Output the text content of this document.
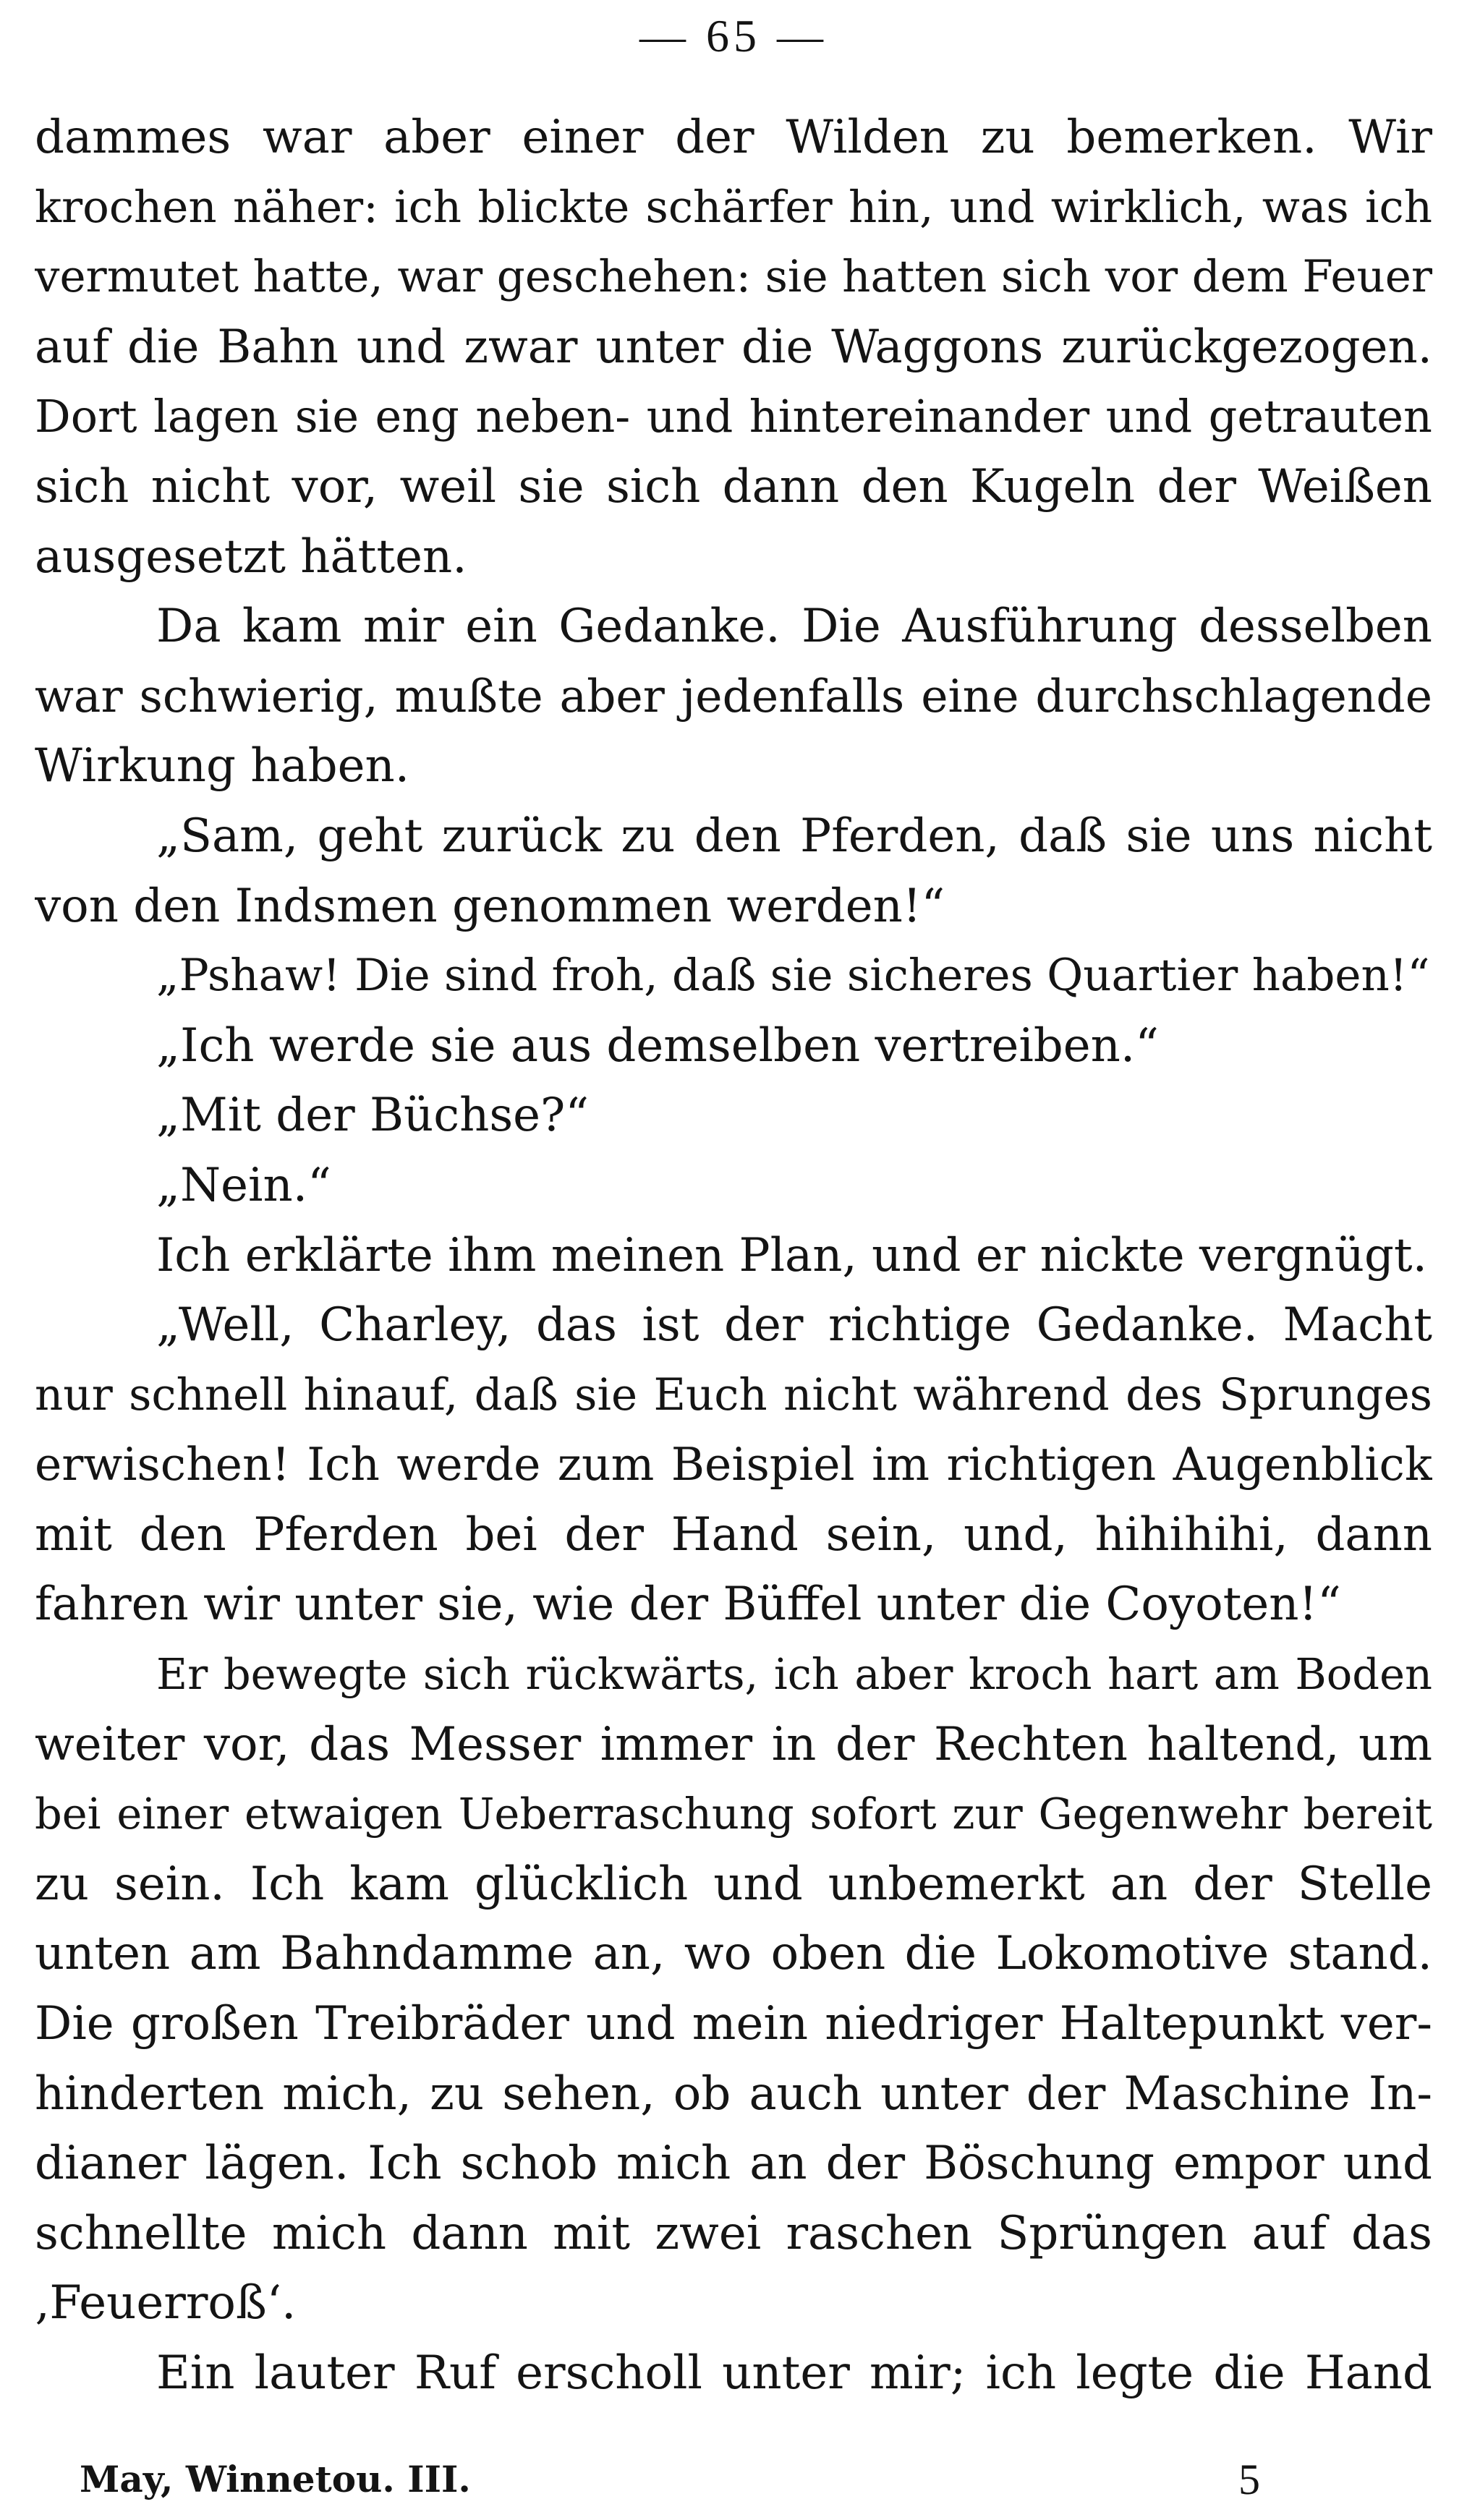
— 65 —
dammes war aber einer der Wilden zu bemerken. Wir
krochen näher: ich blickte schärfer hin, und wirklich, was ich
vermutet hatte, war geschehen: sie hatten sich vor dem Feuer
auf die Bahn und zwar unter die Waggons zurückgezogen.
Dort lagen sie eng neben- und hintereinander und getrauten
sich nicht vor, weil sie sich dann den Kugeln der Weißen
ausgesetzt hätten.
Da kam mir ein Gedanke. Die Ausführung desselben
war schwierig, mußte aber jedenfalls eine durchschlagende
Wirkung haben.
„Sam, geht zurück zu den Pferden, daß sie uns nicht
von den Indsmen genommen werden!“
„Pshaw! Die sind froh, daß sie sicheres Quartier haben!“
„Ich werde sie aus demselben vertreiben.“
„Mit der Büchse?“
„Nein.“
Ich erklärte ihm meinen Plan, und er nickte vergnügt.
„Well, Charley, das ist der richtige Gedanke. Macht
nur schnell hinauf, daß sie Euch nicht während des Sprunges
erwischen! Ich werde zum Beispiel im richtigen Augenblick
mit den Pferden bei der Hand sein, und, hihihihi, dann
fahren wir unter sie, wie der Büffel unter die Coyoten!“
Er bewegte sich rückwärts, ich aber kroch hart am Boden
weiter vor, das Messer immer in der Rechten haltend, um
bei einer etwaigen Ueberraschung sofort zur Gegenwehr bereit
zu sein. Ich kam glücklich und unbemerkt an der Stelle
unten am Bahndamme an, wo oben die Lokomotive stand.
Die großen Treibräder und mein niedriger Haltepunkt ver-
hinderten mich, zu sehen, ob auch unter der Maschine In-
dianer lägen. Ich schob mich an der Böschung empor und
schnellte mich dann mit zwei raschen Sprüngen auf das
‚Feuerroß‘.
Ein lauter Ruf erscholl unter mir; ich legte die Hand
May, Winnetou. III.	5
